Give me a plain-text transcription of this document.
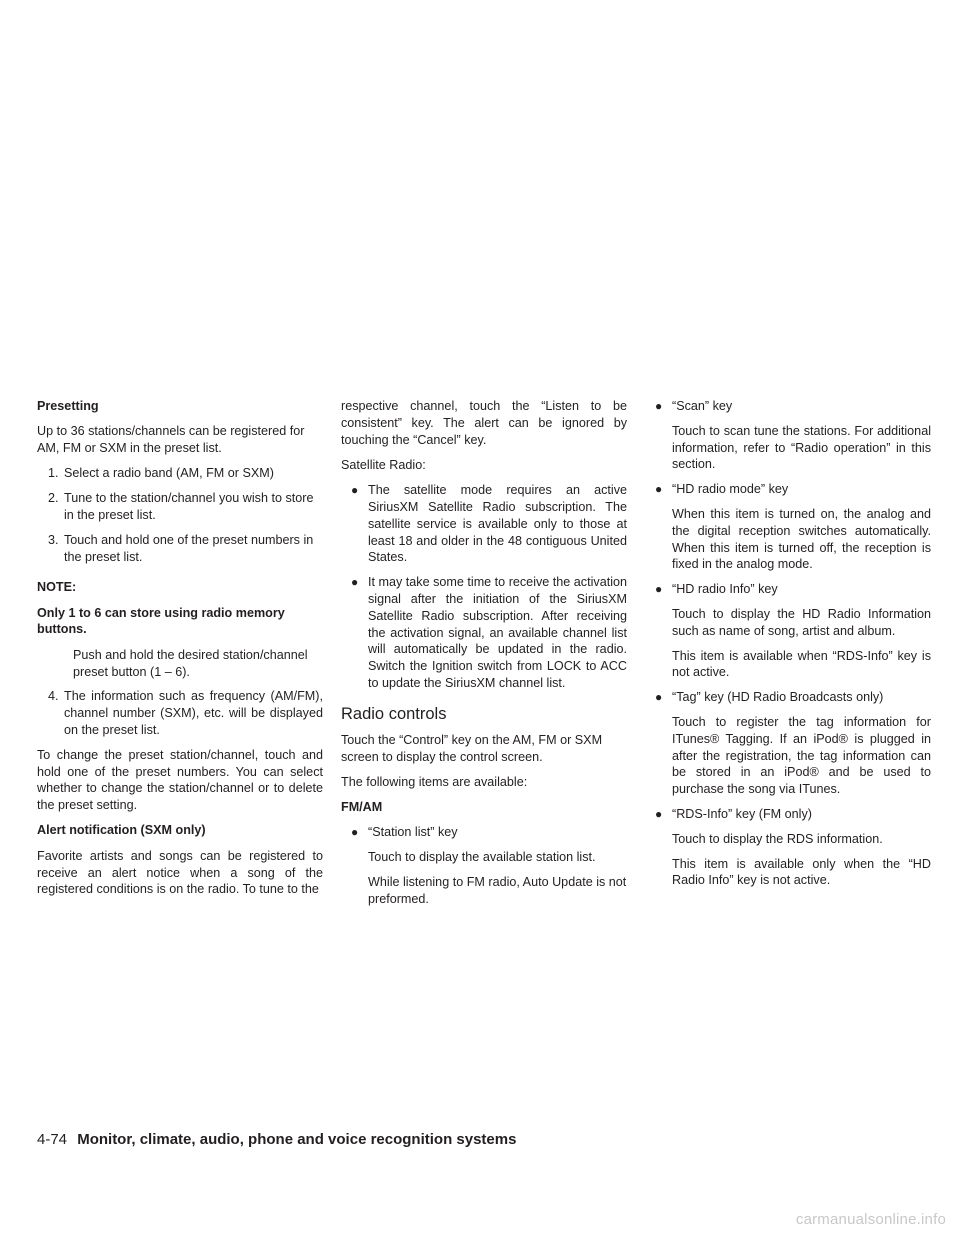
Presetting

Up to 36 stations/channels can be registered for AM, FM or SXM in the preset list.

1. Select a radio band (AM, FM or SXM)
2. Tune to the station/channel you wish to store in the preset list.
3. Touch and hold one of the preset numbers in the preset list.

NOTE:

Only 1 to 6 can store using radio memory buttons.

Push and hold the desired station/channel preset button (1 – 6).

4. The information such as frequency (AM/FM), channel number (SXM), etc. will be displayed on the preset list.

To change the preset station/channel, touch and hold one of the preset numbers. You can select whether to change the station/channel or to delete the preset setting.

Alert notification (SXM only)

Favorite artists and songs can be registered to receive an alert notice when a song of the registered conditions is on the radio. To tune to the

respective channel, touch the “Listen to be consistent” key. The alert can be ignored by touching the “Cancel” key.

Satellite Radio:

● The satellite mode requires an active SiriusXM Satellite Radio subscription. The satellite service is available only to those at least 18 and older in the 48 contiguous United States.
● It may take some time to receive the activation signal after the initiation of the SiriusXM Satellite Radio subscription. After receiving the activation signal, an available channel list will automatically be updated in the radio. Switch the Ignition switch from LOCK to ACC to update the SiriusXM channel list.
Radio controls

Touch the “Control” key on the AM, FM or SXM screen to display the control screen.

The following items are available:

FM/AM

● “Station list” key

Touch to display the available station list.

While listening to FM radio, Auto Update is not preformed.

● “Scan” key

Touch to scan tune the stations. For additional information, refer to “Radio operation” in this section.

● “HD radio mode” key

When this item is turned on, the analog and the digital reception switches automatically. When this item is turned off, the reception is fixed in the analog mode.

● “HD radio Info” key

Touch to display the HD Radio Information such as name of song, artist and album.

This item is available when “RDS-Info” key is not active.

● “Tag” key (HD Radio Broadcasts only)

Touch to register the tag information for ITunes® Tagging. If an iPod® is plugged in after the registration, the tag information can be stored in an iPod® and be used to purchase the song via ITunes.

● “RDS-Info” key (FM only)

Touch to display the RDS information.

This item is available only when the “HD Radio Info” key is not active.

4-74 Monitor, climate, audio, phone and voice recognition systems
carmanualsonline.info
